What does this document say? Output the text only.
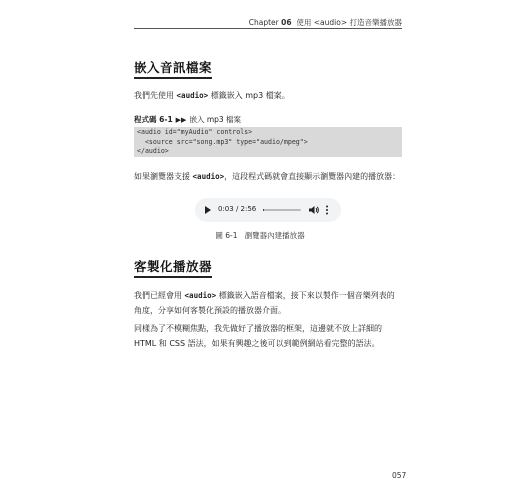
Chapter 06 使用 <audio> 打造音樂播放器
嵌入音訊檔案
我們先使用 <audio> 標籤嵌入 mp3 檔案。
程式碼 6-1 ▶▶ 嵌入 mp3 檔案
<audio id="myAudio" controls>
<source src="song.mp3" type="audio/mpeg">
</audio>
如果瀏覽器支援 <audio>，這段程式碼就會直接顯示瀏覽器內建的播放器：
0:03 / 2:56
圖 6-1 瀏覽器內建播放器
客製化播放器
我們已經會用 <audio> 標籤嵌入語音檔案，接下來以製作一個音樂列表的
角度，分享如何客製化預設的播放器介面。
同樣為了不模糊焦點，我先做好了播放器的框架，這邊就不放上詳細的
HTML 和 CSS 語法，如果有興趣之後可以到範例網站看完整的語法。
057
